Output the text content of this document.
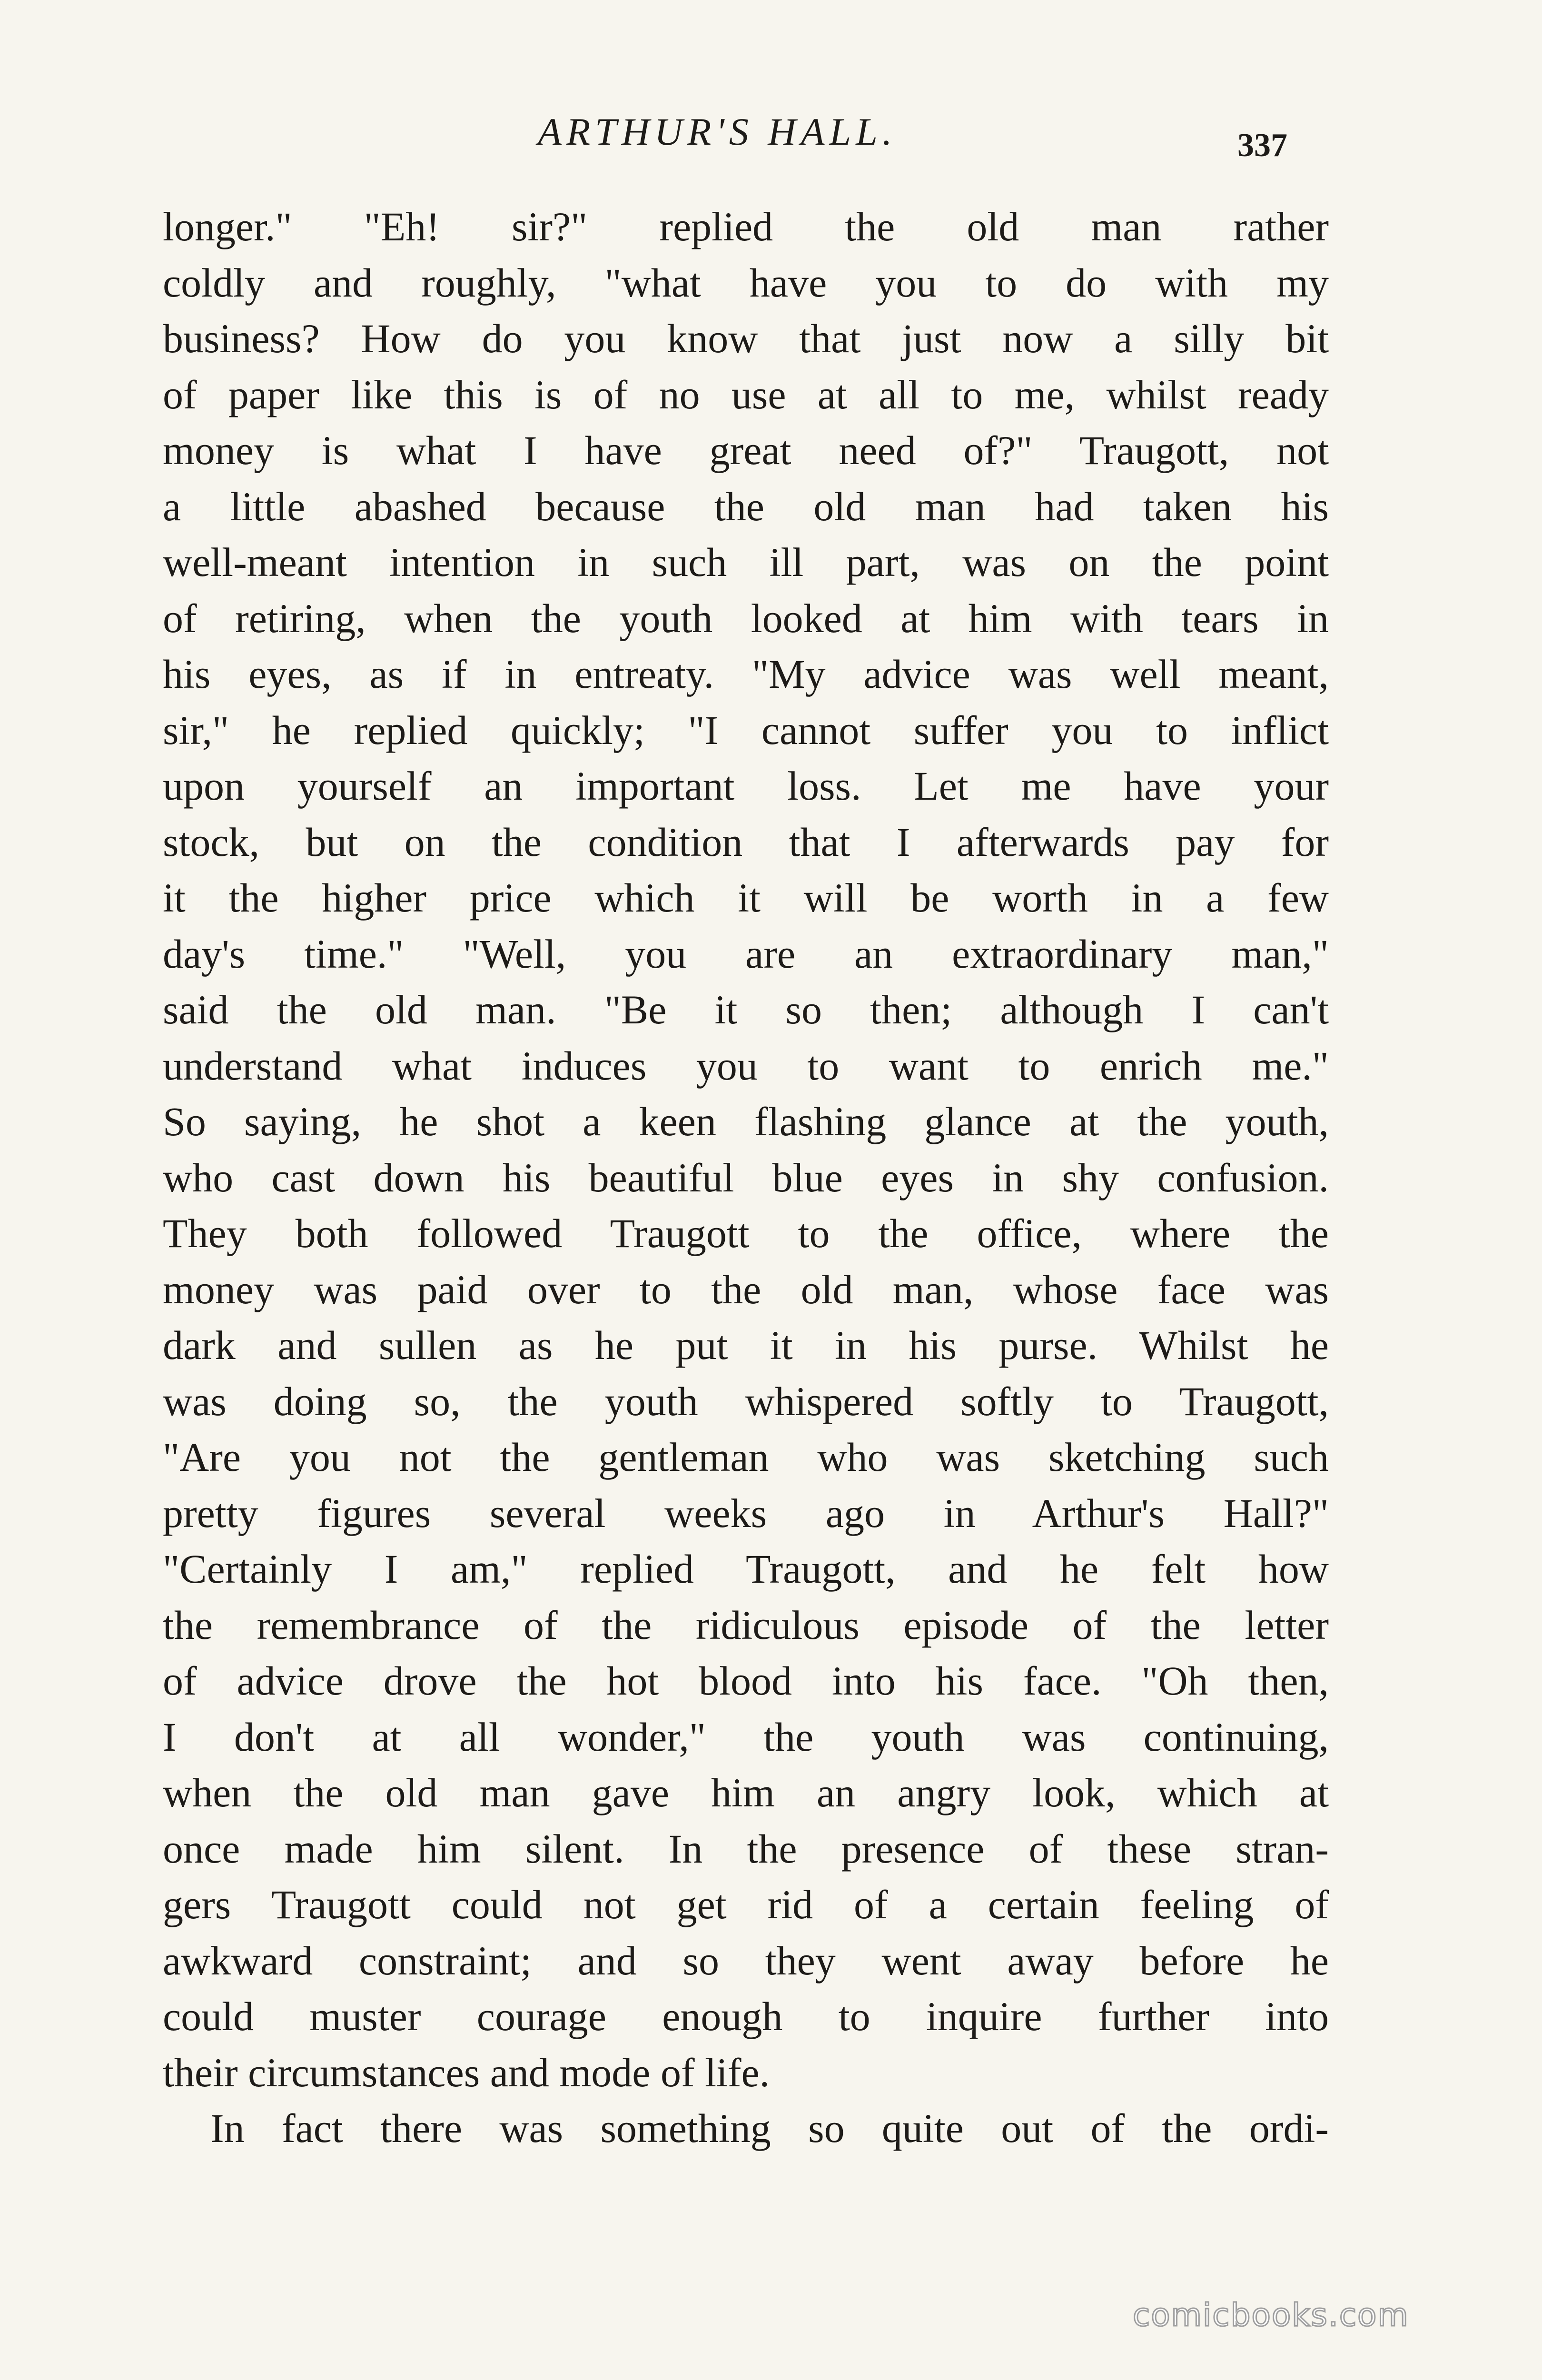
ARTHUR'S HALL.	337
longer." "Eh! sir?" replied the old man rather
coldly and roughly, "what have you to do with my
business? How do you know that just now a silly bit
of paper like this is of no use at all to me, whilst ready
money is what I have great need of?" Traugott, not
a little abashed because the old man had taken his
well-meant intention in such ill part, was on the point
of retiring, when the youth looked at him with tears in
his eyes, as if in entreaty. "My advice was well meant,
sir," he replied quickly; "I cannot suffer you to inflict
upon yourself an important loss. Let me have your
stock, but on the condition that I afterwards pay for
it the higher price which it will be worth in a few
day's time." "Well, you are an extraordinary man,"
said the old man. "Be it so then; although I can't
understand what induces you to want to enrich me."
So saying, he shot a keen flashing glance at the youth,
who cast down his beautiful blue eyes in shy confusion.
They both followed Traugott to the office, where the
money was paid over to the old man, whose face was
dark and sullen as he put it in his purse. Whilst he
was doing so, the youth whispered softly to Traugott,
"Are you not the gentleman who was sketching such
pretty figures several weeks ago in Arthur's Hall?"
"Certainly I am," replied Traugott, and he felt how
the remembrance of the ridiculous episode of the letter
of advice drove the hot blood into his face. "Oh then,
I don't at all wonder," the youth was continuing,
when the old man gave him an angry look, which at
once made him silent. In the presence of these stran-
gers Traugott could not get rid of a certain feeling of
awkward constraint; and so they went away before he
could muster courage enough to inquire further into
their circumstances and mode of life.
In fact there was something so quite out of the ordi-
comicbooks.com
